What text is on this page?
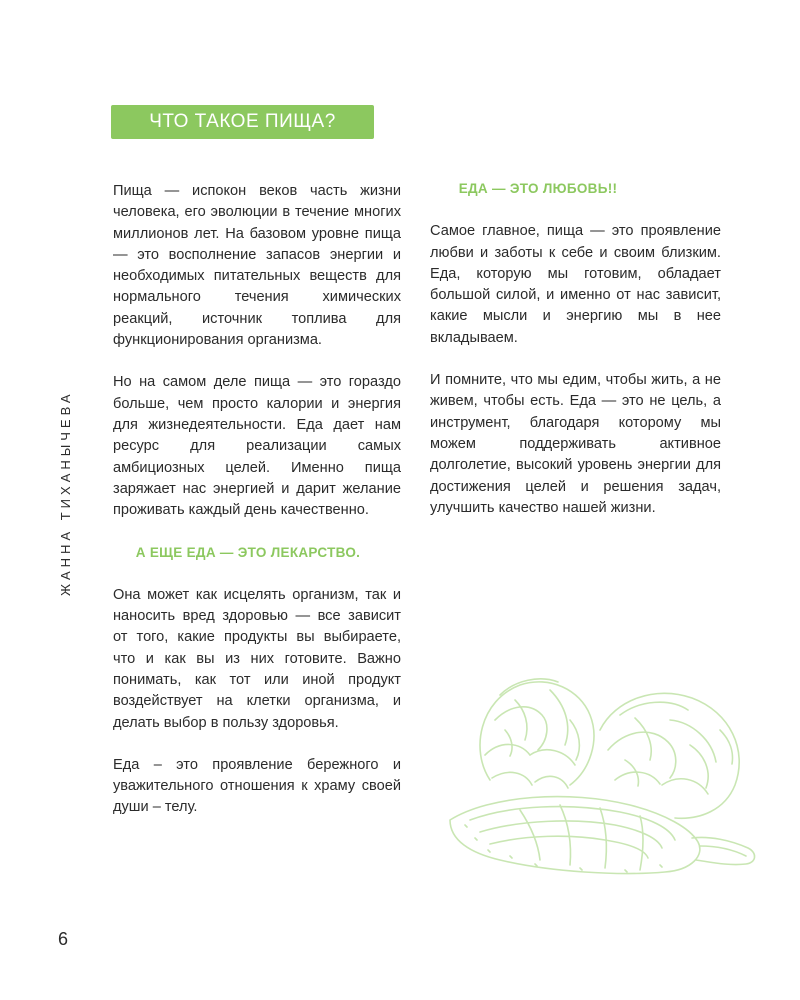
ЧТО ТАКОЕ ПИЩА?

Пища — испокон веков часть жизни человека, его эволюции в течение многих миллионов лет. На базовом уровне пища — это восполнение запасов энергии и необходимых питательных веществ для нормального течения химических реакций, источник топлива для функционирования организма.

Но на самом деле пища — это гораздо больше, чем просто калории и энергия для жизнедеятельности. Еда дает нам ресурс для реализации самых амбициозных целей. Именно пища заряжает нас энергией и дарит желание проживать каждый день качественно.

А ЕЩЕ ЕДА — ЭТО ЛЕКАРСТВО.

Она может как исцелять организм, так и наносить вред здоровью — все зависит от того, какие продукты вы выбираете, что и как вы из них готовите. Важно понимать, как тот или иной продукт воздействует на клетки организма, и делать выбор в пользу здоровья.

Еда – это проявление бережного и уважительного отношения к храму своей души – телу.

ЕДА — ЭТО ЛЮБОВЬ!!

Самое главное, пища — это проявление любви и заботы к себе и своим близким. Еда, которую мы готовим, обладает большой силой, и именно от нас зависит, какие мысли и энергию мы в нее вкладываем.

И помните, что мы едим, чтобы жить, а не живем, чтобы есть. Еда — это не цель, а инструмент, благодаря которому мы можем поддерживать активное долголетие, высокий уровень энергии для достижения целей и решения задач, улучшить качество нашей жизни.

ЖАННА ТИХАНЫЧЕВА
6
